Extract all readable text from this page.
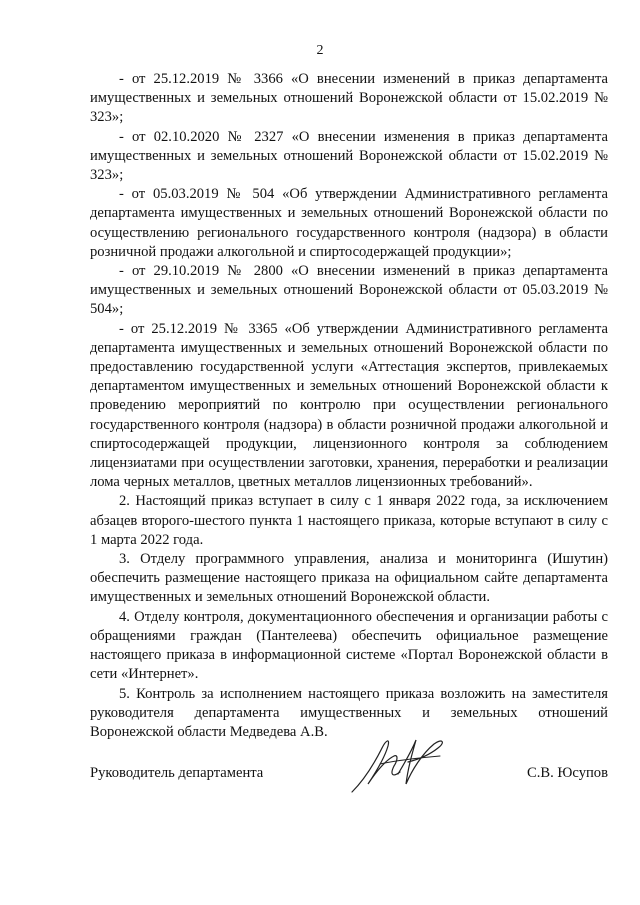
2

- от 25.12.2019 № 3366 «О внесении изменений в приказ департамента имущественных и земельных отношений Воронежской области от 15.02.2019 № 323»;

- от 02.10.2020 № 2327 «О внесении изменения в приказ департамента имущественных и земельных отношений Воронежской области от 15.02.2019 № 323»;

- от 05.03.2019 № 504 «Об утверждении Административного регламента департамента имущественных и земельных отношений Воронежской области по осуществлению регионального государственного контроля (надзора) в области розничной продажи алкогольной и спиртосодержащей продукции»;

- от 29.10.2019 № 2800 «О внесении изменений в приказ департамента имущественных и земельных отношений Воронежской области от 05.03.2019 № 504»;

- от 25.12.2019 № 3365 «Об утверждении Административного регламента департамента имущественных и земельных отношений Воронежской области по предоставлению государственной услуги «Аттестация экспертов, привлекаемых департаментом имущественных и земельных отношений Воронежской области к проведению мероприятий по контролю при осуществлении регионального государственного контроля (надзора) в области розничной продажи алкогольной и спиртосодержащей продукции, лицензионного контроля за соблюдением лицензиатами при осуществлении заготовки, хранения, переработки и реализации лома черных металлов, цветных металлов лицензионных требований».

2. Настоящий приказ вступает в силу с 1 января 2022 года, за исключением абзацев второго-шестого пункта 1 настоящего приказа, которые вступают в силу с 1 марта 2022 года.

3. Отделу программного управления, анализа и мониторинга (Ишутин) обеспечить размещение настоящего приказа на официальном сайте департамента имущественных и земельных отношений Воронежской области.

4. Отделу контроля, документационного обеспечения и организации работы с обращениями граждан (Пантелеева) обеспечить официальное размещение настоящего приказа в информационной системе «Портал Воронежской области в сети «Интернет».

5. Контроль за исполнением настоящего приказа возложить на заместителя руководителя департамента имущественных и земельных отношений Воронежской области Медведева А.В.

Руководитель департамента	С.В. Юсупов
